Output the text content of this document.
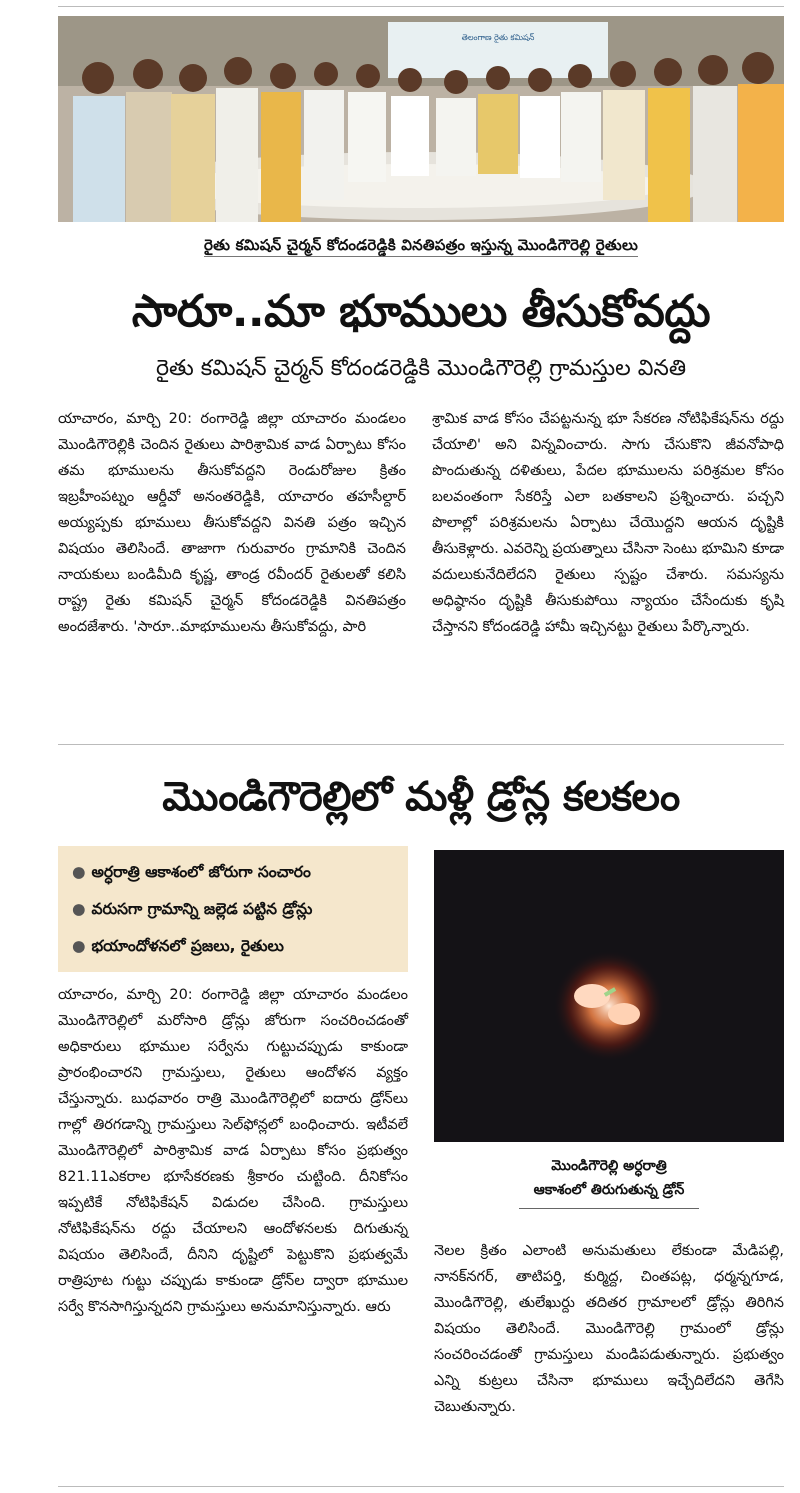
తెలంగాణ రైతు కమిషన్
రైతు కమిషన్‌ చైర్మన్‌ కోదండరెడ్డికి వినతిపత్రం ఇస్తున్న మొండిగౌరెల్లి రైతులు
సారూ..మా భూములు తీసుకోవద్దు
రైతు కమిషన్‌ చైర్మన్‌ కోదండరెడ్డికి మొండిగౌరెల్లి గ్రామస్తుల వినతి
యాచారం, మార్చి 20: రంగారెడ్డి జిల్లా యాచారం మండలం మొండిగౌరెల్లికి చెందిన రైతులు పారిశ్రామిక వాడ ఏర్పాటు కోసం తమ భూములను తీసుకోవద్దని రెండురోజుల క్రితం ఇబ్రహీంపట్నం ఆర్డీవో అనంతరెడ్డికి, యాచారం తహసీల్దార్‌ అయ్యప్పకు భూములు తీసుకోవద్దని వినతి పత్రం ఇచ్చిన విషయం తెలిసిందే. తాజాగా గురువారం గ్రామానికి చెందిన నాయకులు బండిమీది కృష్ణ, తాండ్ర రవీందర్‌ రైతులతో కలిసి రాష్ట్ర రైతు కమిషన్‌ చైర్మన్‌ కోదండరెడ్డికి వినతిపత్రం అందజేశారు. 'సారూ..మాభూములను తీసుకోవద్దు, పారి
శ్రామిక వాడ కోసం చేపట్టనున్న భూ సేకరణ నోటిఫికేషన్‌ను రద్దు చేయాలి' అని విన్నవించారు. సాగు చేసుకొని జీవనోపాధి పొందుతున్న దళితులు, పేదల భూములను పరిశ్రమల కోసం బలవంతంగా సేకరిస్తే ఎలా బతకాలని ప్రశ్నించారు. పచ్చని పొలాల్లో పరిశ్రమలను ఏర్పాటు చేయొద్దని ఆయన దృష్టికి తీసుకెళ్లారు. ఎవరెన్ని ప్రయత్నాలు చేసినా సెంటు భూమిని కూడా వదులుకునేదిలేదని రైతులు స్పష్టం చేశారు. సమస్యను అధిష్ఠానం దృష్టికి తీసుకుపోయి న్యాయం చేసేందుకు కృషి చేస్తానని కోదండరెడ్డి హామీ ఇచ్చినట్టు రైతులు పేర్కొన్నారు.
మొండిగౌరెల్లిలో మళ్లీ డ్రోన్ల కలకలం
● అర్ధరాత్రి ఆకాశంలో జోరుగా సంచారం
● వరుసగా గ్రామాన్ని జల్లెడ పట్టిన డ్రోన్లు
● భయాందోళనలో ప్రజలు, రైతులు
యాచారం, మార్చి 20: రంగారెడ్డి జిల్లా యాచారం మండలం మొండిగౌరెల్లిలో మరోసారి డ్రోన్లు జోరుగా సంచరించడంతో అధికారులు భూముల సర్వేను గుట్టుచప్పుడు కాకుండా ప్రారంభించారని గ్రామస్తులు, రైతులు ఆందోళన వ్యక్తం చేస్తున్నారు. బుధవారం రాత్రి మొండిగౌరెల్లిలో ఐదారు డ్రోన్‌లు గాల్లో తిరగడాన్ని గ్రామస్తులు సెల్‌ఫోన్లలో బంధించారు. ఇటీవలే మొండిగౌరెల్లిలో పారిశ్రామిక వాడ ఏర్పాటు కోసం ప్రభుత్వం 821.11ఎకరాల భూసేకరణకు శ్రీకారం చుట్టింది. దీనికోసం ఇప్పటికే నోటిఫికేషన్ విడుదల చేసింది. గ్రామస్తులు నోటిఫికేషన్‌ను రద్దు చేయాలని ఆందోళనలకు దిగుతున్న విషయం తెలిసిందే, దీనిని దృష్టిలో పెట్టుకొని ప్రభుత్వమే రాత్రిపూట గుట్టు చప్పుడు కాకుండా డ్రోన్‌ల ద్వారా భూముల సర్వే కొనసాగిస్తున్నదని గ్రామస్తులు అనుమానిస్తున్నారు. ఆరు
మొండిగౌరెల్లి అర్ధరాత్రి
ఆకాశంలో తిరుగుతున్న డ్రోన్
నెలల క్రితం ఎలాంటి అనుమతులు లేకుండా మేడిపల్లి, నానక్‌నగర్‌, తాటిపర్తి, కుర్మిద్ద, చింతపట్ల, ధర్మన్నగూడ, మొండిగౌరెల్లి, తులేఖుర్దు తదితర గ్రామాలలో డ్రోన్లు తిరిగిన విషయం తెలిసిందే. మొండిగౌరెల్లి గ్రామంలో డ్రోన్లు సంచరించడంతో గ్రామస్తులు మండిపడుతున్నారు. ప్రభుత్వం ఎన్ని కుట్రలు చేసినా భూములు ఇచ్చేదిలేదని తెగేసి చెబుతున్నారు.
